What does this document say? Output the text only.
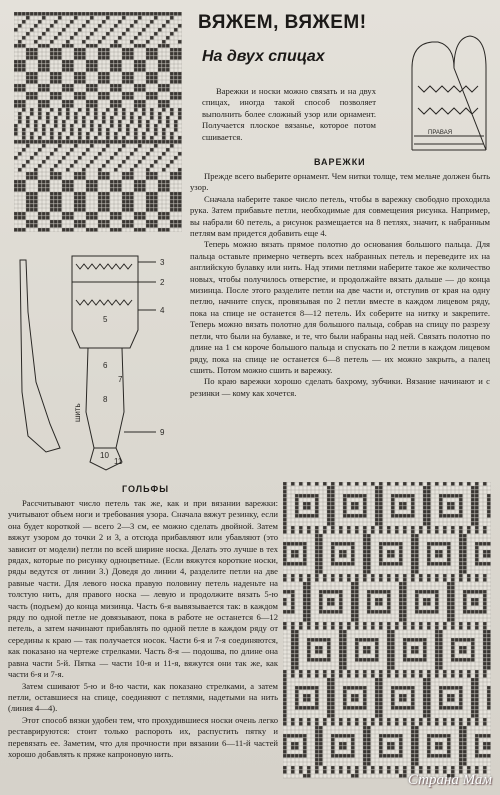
ВЯЖЕМ, ВЯЖЕМ!
На двух спицах
ПРАВАЯ

Варежки и носки можно связать и на двух спицах, иногда такой способ позволяет выполнить более сложный узор или орнамент. Получается плоское вязанье, которое потом сшивается.

ВАРЕЖКИ

Прежде всего выберите орнамент. Чем нитки толще, тем мельче должен быть узор.

Сначала наберите такое число петель, чтобы в варежку свободно проходила рука. Затем прибавьте петли, необходимые для совмещения рисунка. Например, вы набрали 60 петель, а рисунок размещается на 8 петлях, значит, к набранным петлям вам придется добавить еще 4.

Теперь можно вязать прямое полотно до основания большого пальца. Для пальца оставьте примерно четверть всех набранных петель и переведите их на английскую булавку или нить. Над этими петлями наберите такое же количество новых, чтобы получилось отверстие, и продолжайте вязать дальше — до конца мизинца. После этого разделите петли на две части и, отступив от края на одну петлю, начните спуск, провязывая по 2 петли вместе в каждом лицевом ряду, пока на спице не останется 8—12 петель. Их соберите на нитку и закрепите. Теперь можно вязать полотно для большого пальца, собрав на спицу по разрезу петли, что были на булавке, и те, что были набраны над ней. Связать полотно по длине на 1 см короче большого пальца и спускать по 2 петли в каждом лицевом ряду, пока на спице не останется 6—8 петель — их можно закрыть, а палец сшить. Потом можно сшить и варежку.

По краю варежки хорошо сделать бахрому, зубчики. Вязание начинают и с резинки — кому как хочется.

3
2
4
5
6
7
8
9
10
11
шить
ГОЛЬФЫ

Рассчитывают число петель так же, как и при вязании варежки: учитывают объем ноги и требования узора. Сначала вяжут резинку, если она будет короткой — всего 2—3 см, ее можно сделать двойной. Затем вяжут узором до точки 2 и 3, а отсюда прибавляют или убавляют (это зависит от модели) петли по всей ширине носка. Делать это лучше в тех рядах, которые по рисунку одноцветные. (Если вяжутся короткие носки, ряды ведутся от линии 3.) Доведя до линии 4, разделите петли на две равные части. Для левого носка правую половину петель наденьте на толстую нить, для правого носка — левую и продолжите вязать 5-ю часть (подъем) до конца мизинца. Часть 6-я вывязывается так: в каждом ряду по одной петле не довязывают, пока в работе не останется 6—12 петель, а затем начинают прибавлять по одной петле в каждом ряду от середины к краю — так получается носок. Части 6-я и 7-я соединяются, как показано на чертеже стрелками. Часть 8-я — подошва, по длине она равна части 5-й. Пятка — части 10-я и 11-я, вяжутся они так же, как части 6-я и 7-я.

Затем сшивают 5-ю и 8-ю части, как показано стрелками, а затем петли, оставшиеся на спице, соединяют с петлями, надетыми на нить (линия 4—4).

Этот способ вязки удобен тем, что прохудившиеся носки очень легко реставрируются: стоит только распороть их, распустить пятку и перевязать ее. Заметим, что для прочности при вязании 6—11-й частей хорошо добавлять к пряже капроновую нить.

Страна Мам
